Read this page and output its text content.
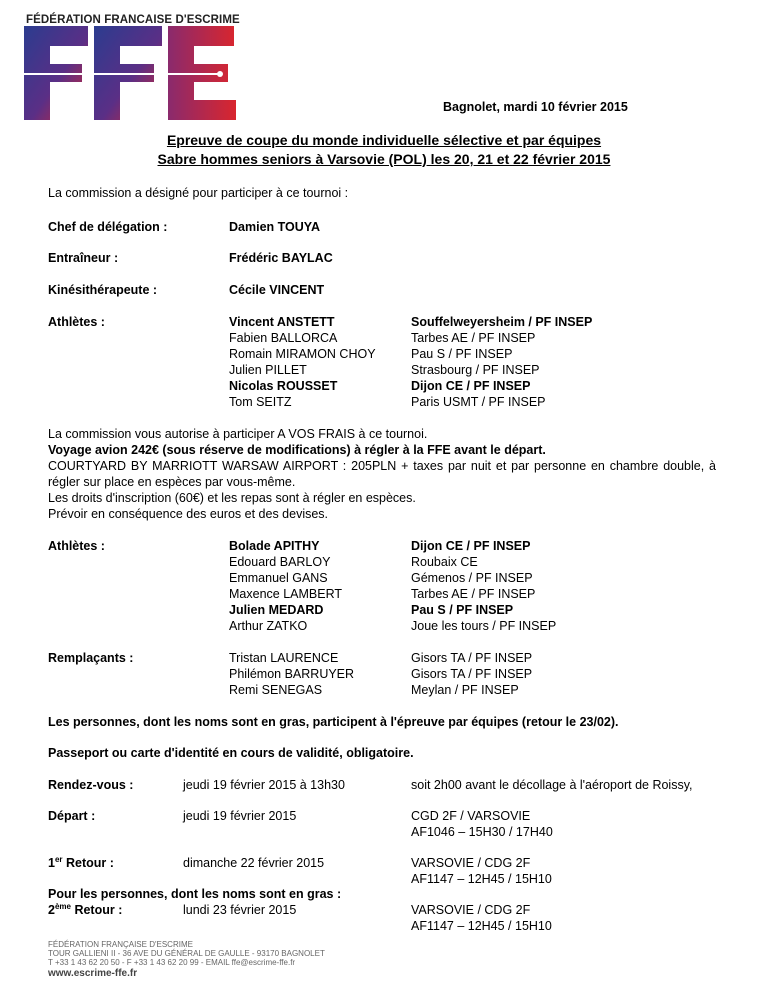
FÉDÉRATION FRANCAISE D'ESCRIME
Bagnolet, mardi 10 février 2015
Epreuve de coupe du monde individuelle sélective et par équipes
Sabre hommes seniors à Varsovie (POL) les 20, 21 et 22 février 2015
La commission a désigné pour participer à ce tournoi :
Chef de délégation :	Damien TOUYA
Entraîneur :	Frédéric BAYLAC
Kinésithérapeute :	Cécile VINCENT
Athlètes :	Vincent ANSTETT	Souffelweyersheim / PF INSEP
Fabien BALLORCA	Tarbes AE / PF INSEP
Romain MIRAMON CHOY	Pau S / PF INSEP
Julien PILLET	Strasbourg / PF INSEP
Nicolas ROUSSET	Dijon CE / PF INSEP
Tom SEITZ	Paris USMT / PF INSEP
La commission vous autorise à participer A VOS FRAIS à ce tournoi.
Voyage avion 242€ (sous réserve de modifications) à régler à la FFE avant le départ.
COURTYARD BY MARRIOTT WARSAW AIRPORT : 205PLN + taxes par nuit et par personne en chambre double, à régler sur place en espèces par vous-même.
Les droits d'inscription (60€) et les repas sont à régler en espèces.
Prévoir en conséquence des euros et des devises.
Athlètes :	Bolade APITHY	Dijon CE / PF INSEP
Edouard BARLOY	Roubaix CE
Emmanuel GANS	Gémenos / PF INSEP
Maxence LAMBERT	Tarbes AE / PF INSEP
Julien MEDARD	Pau S / PF INSEP
Arthur ZATKO	Joue les tours / PF INSEP
Remplaçants :	Tristan LAURENCE	Gisors TA / PF INSEP
Philémon BARRUYER	Gisors TA / PF INSEP
Remi SENEGAS	Meylan / PF INSEP
Les personnes, dont les noms sont en gras, participent à l'épreuve par équipes (retour le 23/02).
Passeport ou carte d'identité en cours de validité, obligatoire.
Rendez-vous :	jeudi 19 février 2015 à 13h30	soit 2h00 avant le décollage à l'aéroport de Roissy,
Départ :	jeudi 19 février 2015	CGD 2F / VARSOVIE
AF1046 – 15H30 / 17H40
1er Retour :	dimanche 22 février 2015	VARSOVIE / CDG 2F
AF1147 – 12H45 / 15H10
Pour les personnes, dont les noms sont en gras :
2ème Retour :	lundi 23 février 2015	VARSOVIE / CDG 2F
AF1147 – 12H45 / 15H10
FÉDÉRATION FRANÇAISE D'ESCRIME
TOUR GALLIENI II - 36 AVE DU GÉNÉRAL DE GAULLE - 93170 BAGNOLET
T +33 1 43 62 20 50 - F +33 1 43 62 20 99 - EMAIL ffe@escrime-ffe.fr
www.escrime-ffe.fr
